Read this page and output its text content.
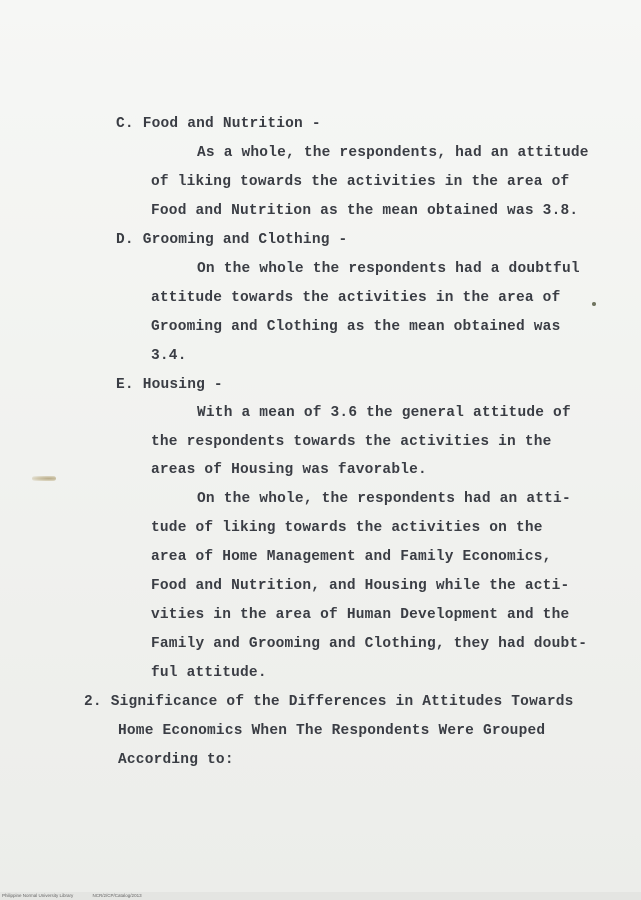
C. Food and Nutrition -
As a whole, the respondents, had an attitude
of liking towards the activities in the area of
Food and Nutrition as the mean obtained was 3.8.
D. Grooming and Clothing -
On the whole the respondents had a doubtful
attitude towards the activities in the area of
Grooming and Clothing as the mean obtained was
3.4.
E. Housing -
With a mean of 3.6 the general attitude of
the respondents towards the activities in the
areas of Housing was favorable.
On the whole, the respondents had an atti-
tude of liking towards the activities on the
area of Home Management and Family Economics,
Food and Nutrition, and Housing while the acti-
vities in the area of Human Development and the
Family and Grooming and Clothing, they had doubt-
ful attitude.
2. Significance of the Differences in Attitudes Towards
Home Economics When The Respondents Were Grouped
According to:
Philippine Normal University Library	NCR/2/CP/Catalog/2013
